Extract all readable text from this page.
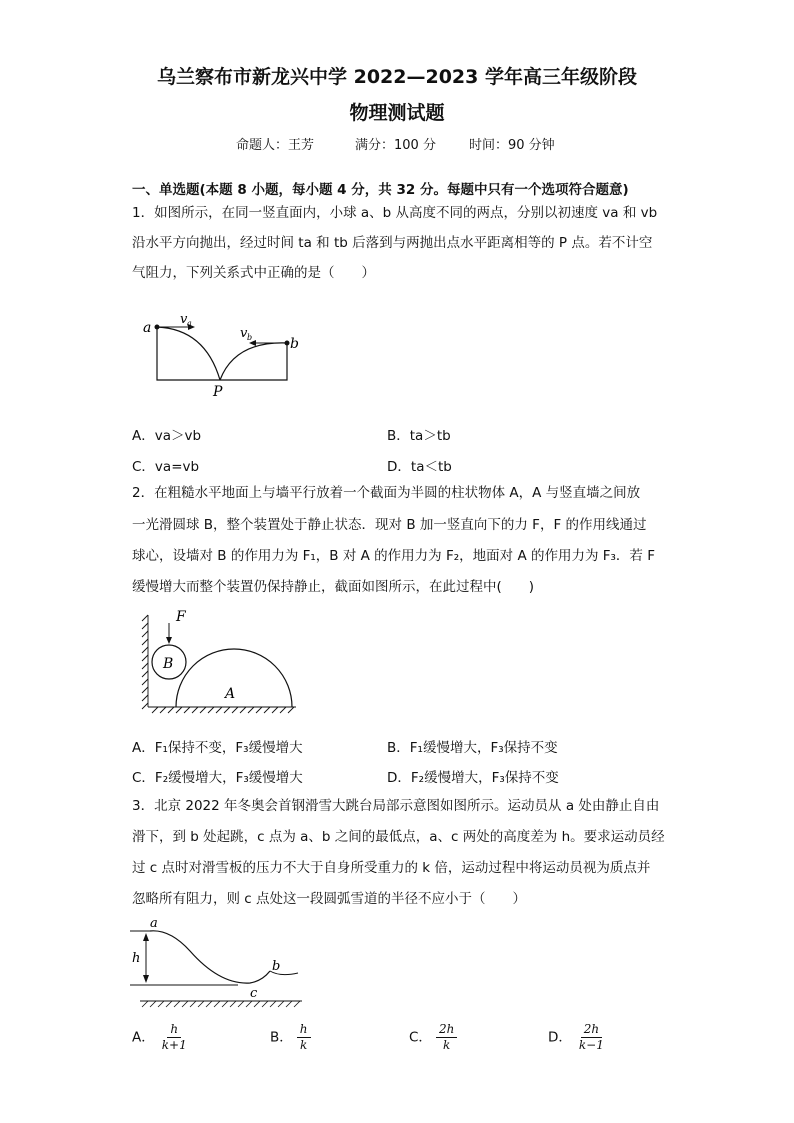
乌兰察布市新龙兴中学 2022—2023 学年高三年级阶段
物理测试题
命题人：王芳	满分：100 分	时间：90 分钟
一、单选题(本题 8 小题，每小题 4 分，共 32 分。每题中只有一个选项符合题意)
1．如图所示，在同一竖直面内，小球 a、b 从高度不同的两点，分别以初速度 va 和 vb
沿水平方向抛出，经过时间 ta 和 tb 后落到与两抛出点水平距离相等的 P 点。若不计空
气阻力，下列关系式中正确的是（　　）
a
b
P
v a
v b
A．va＞vb	B．ta＞tb
C．va=vb	D．ta＜tb
2．在粗糙水平地面上与墙平行放着一个截面为半圆的柱状物体 A，A 与竖直墙之间放
一光滑圆球 B，整个装置处于静止状态．现对 B 加一竖直向下的力 F，F 的作用线通过
球心，设墙对 B 的作用力为 F₁，B 对 A 的作用力为 F₂，地面对 A 的作用力为 F₃．若 F
缓慢增大而整个装置仍保持静止，截面如图所示，在此过程中(　　)
F
B
A
A．F₁保持不变，F₃缓慢增大	B．F₁缓慢增大，F₃保持不变
C．F₂缓慢增大，F₃缓慢增大	D．F₂缓慢增大，F₃保持不变
3．北京 2022 年冬奥会首钢滑雪大跳台局部示意图如图所示。运动员从 a 处由静止自由
滑下，到 b 处起跳，c 点为 a、b 之间的最低点，a、c 两处的高度差为 h。要求运动员经
过 c 点时对滑雪板的压力不大于自身所受重力的 k 倍，运动过程中将运动员视为质点并
忽略所有阻力，则 c 点处这一段圆弧雪道的半径不应小于（　　）
a
b
c
h
A． $\frac{h}{k+1}$	B． $\frac{h}{k}$	C． $\frac{2h}{k}$	D． $\frac{2h}{k-1}$
